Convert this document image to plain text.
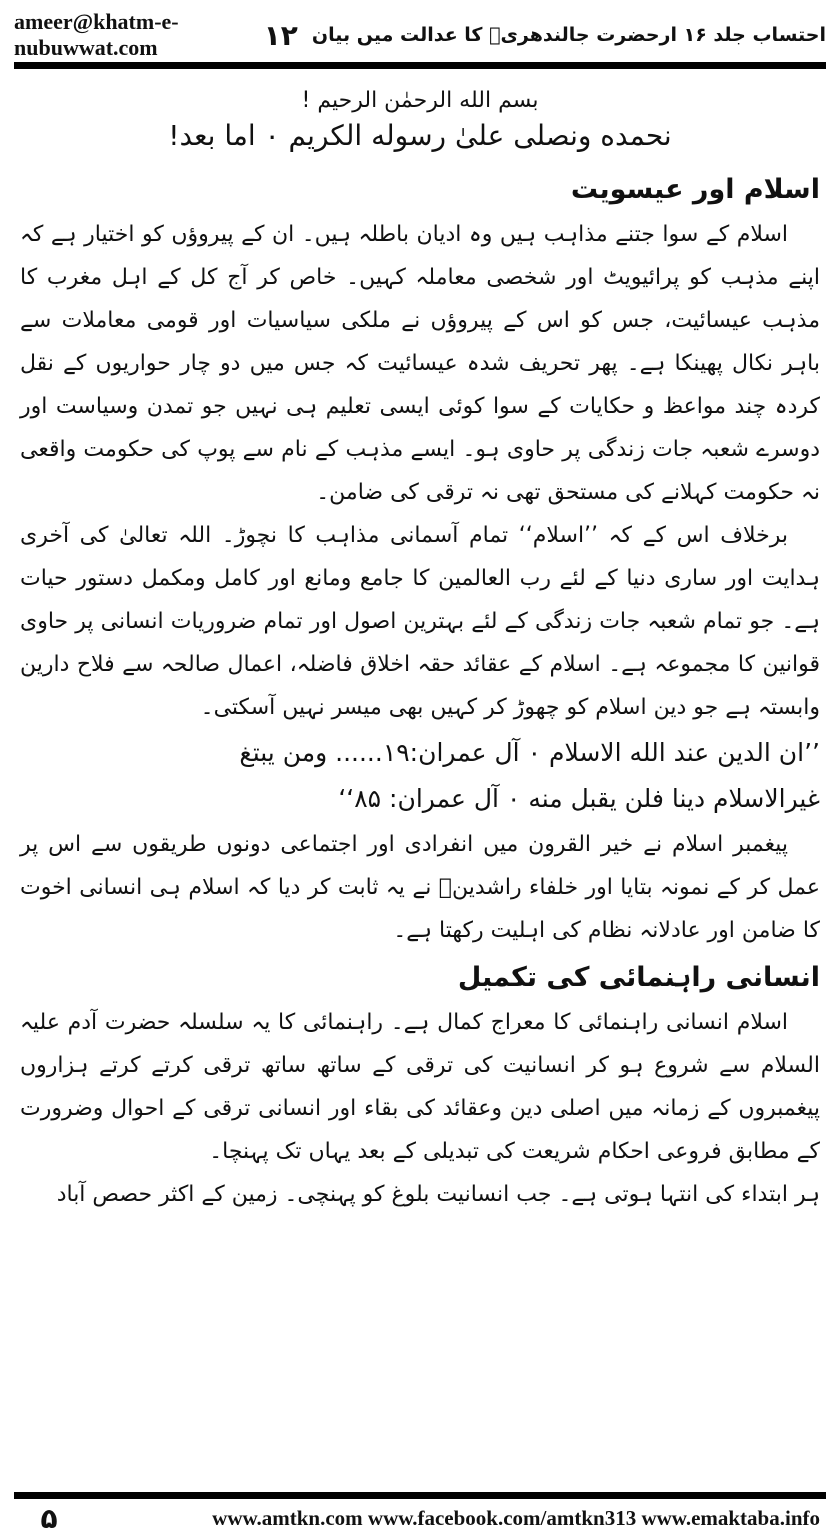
ameer@khatm-e-nubuwwat.com	احتساب جلد ۱۶ ارحضرت جالندھریؒ کا عدالت میں بیان
۱۲

بسم الله الرحمٰن الرحيم !

نحمده ونصلى علىٰ رسوله الكريم ۰ اما بعد!

اسلام اور عیسویت

اسلام کے سوا جتنے مذاہب ہیں وہ ادیان باطلہ ہیں۔ ان کے پیروؤں کو اختیار ہے کہ اپنے مذہب کو پرائیویٹ اور شخصی معاملہ کہیں۔ خاص کر آج کل کے اہل مغرب کا مذہب عیسائیت، جس کو اس کے پیروؤں نے ملکی سیاسیات اور قومی معاملات سے باہر نکال پھینکا ہے۔ پھر تحریف شدہ عیسائیت کہ جس میں دو چار حواریوں کے نقل کردہ چند مواعظ و حکایات کے سوا کوئی ایسی تعلیم ہی نہیں جو تمدن وسیاست اور دوسرے شعبہ جات زندگی پر حاوی ہو۔ ایسے مذہب کے نام سے پوپ کی حکومت واقعی نہ حکومت کہلانے کی مستحق تھی نہ ترقی کی ضامن۔

برخلاف اس کے کہ ’’اسلام‘‘ تمام آسمانی مذاہب کا نچوڑ۔ اللہ تعالیٰ کی آخری ہدایت اور ساری دنیا کے لئے رب العالمین کا جامع ومانع اور کامل ومکمل دستور حیات ہے۔ جو تمام شعبہ جات زندگی کے لئے بہترین اصول اور تمام ضروریات انسانی پر حاوی قوانین کا مجموعہ ہے۔ اسلام کے عقائد حقہ اخلاق فاضلہ، اعمال صالحہ سے فلاح دارین وابستہ ہے جو دین اسلام کو چھوڑ کر کہیں بھی میسر نہیں آسکتی۔

’’ان الدين عند الله الاسلام ۰ آل عمران:۱۹...... ومن يبتغ

غیرالاسلام دينا فلن يقبل منه ۰ آل عمران: ۸۵‘‘

پیغمبر اسلام نے خیر القرون میں انفرادی اور اجتماعی دونوں طریقوں سے اس پر عمل کر کے نمونہ بتایا اور خلفاء راشدینؓ نے یہ ثابت کر دیا کہ اسلام ہی انسانی اخوت کا ضامن اور عادلانہ نظام کی اہلیت رکھتا ہے۔

انسانی راہنمائی کی تکمیل

اسلام انسانی راہنمائی کا معراج کمال ہے۔ راہنمائی کا یہ سلسلہ حضرت آدم علیہ السلام سے شروع ہو کر انسانیت کی ترقی کے ساتھ ساتھ ترقی کرتے کرتے ہزاروں پیغمبروں کے زمانہ میں اصلی دین وعقائد کی بقاء اور انسانی ترقی کے احوال وضرورت کے مطابق فروعی احکام شریعت کی تبدیلی کے بعد یہاں تک پہنچا۔

ہر ابتداء کی انتہا ہوتی ہے۔ جب انسانیت بلوغ کو پہنچی۔ زمین کے اکثر حصص آباد

۵	www.amtkn.com www.facebook.com/amtkn313 www.emaktaba.info
